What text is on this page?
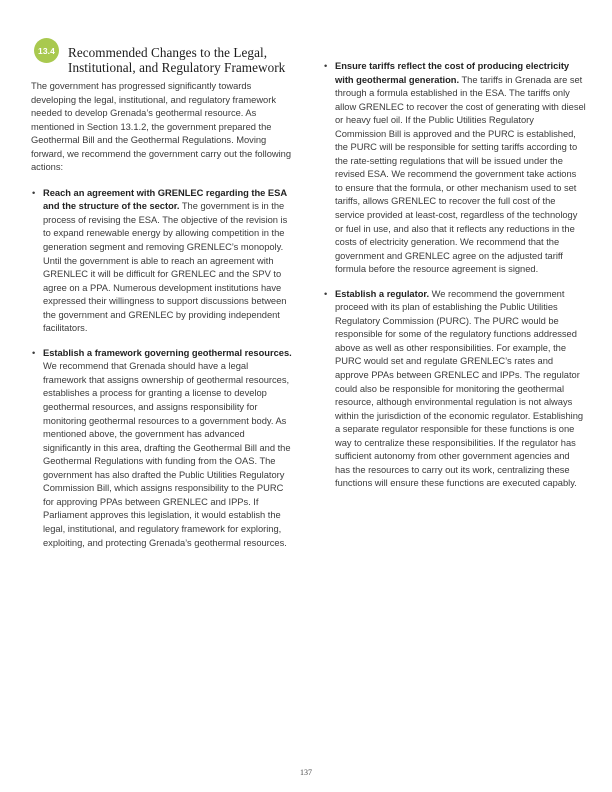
13.4 Recommended Changes to the Legal, Institutional, and Regulatory Framework

The government has progressed significantly towards developing the legal, institutional, and regulatory framework needed to develop Grenada’s geothermal resource. As mentioned in Section 13.1.2, the government prepared the Geothermal Bill and the Geothermal Regulations. Moving forward, we recommend the government carry out the following actions:

• Reach an agreement with GRENLEC regarding the ESA and the structure of the sector. The government is in the process of revising the ESA. The objective of the revision is to expand renewable energy by allowing competition in the generation segment and removing GRENLEC’s monopoly. Until the government is able to reach an agreement with GRENLEC it will be difficult for GRENLEC and the SPV to agree on a PPA. Numerous development institutions have expressed their willingness to support discussions between the government and GRENLEC by providing independent facilitators.
• Establish a framework governing geothermal resources. We recommend that Grenada should have a legal framework that assigns ownership of geothermal resources, establishes a process for granting a license to develop geothermal resources, and assigns responsibility for monitoring geothermal resources to a government body. As mentioned above, the government has advanced significantly in this area, drafting the Geothermal Bill and the Geothermal Regulations with funding from the OAS. The government has also drafted the Public Utilities Regulatory Commission Bill, which assigns responsibility to the PURC for approving PPAs between GRENLEC and IPPs. If Parliament approves this legislation, it would establish the legal, institutional, and regulatory framework for exploring, exploiting, and protecting Grenada’s geothermal resources.
• Ensure tariffs reflect the cost of producing electricity with geothermal generation. The tariffs in Grenada are set through a formula established in the ESA. The tariffs only allow GRENLEC to recover the cost of generating with diesel or heavy fuel oil. If the Public Utilities Regulatory Commission Bill is approved and the PURC is established, the PURC will be responsible for setting tariffs according to the rate-setting regulations that will be issued under the revised ESA. We recommend the government take actions to ensure that the formula, or other mechanism used to set tariffs, allows GRENLEC to recover the full cost of the service provided at least-cost, regardless of the technology or fuel in use, and also that it reflects any reductions in the costs of electricity generation. We recommend that the government and GRENLEC agree on the adjusted tariff formula before the resource agreement is signed.
• Establish a regulator. We recommend the government proceed with its plan of establishing the Public Utilities Regulatory Commission (PURC). The PURC would be responsible for some of the regulatory functions addressed above as well as other responsibilities. For example, the PURC would set and regulate GRENLEC’s rates and approve PPAs between GRENLEC and IPPs. The regulator could also be responsible for monitoring the geothermal resource, although environmental regulation is not always within the jurisdiction of the economic regulator. Establishing a separate regulator responsible for these functions is one way to centralize these responsibilities. If the regulator has sufficient autonomy from other government agencies and has the resources to carry out its work, centralizing these functions will ensure these functions are executed capably.
137
